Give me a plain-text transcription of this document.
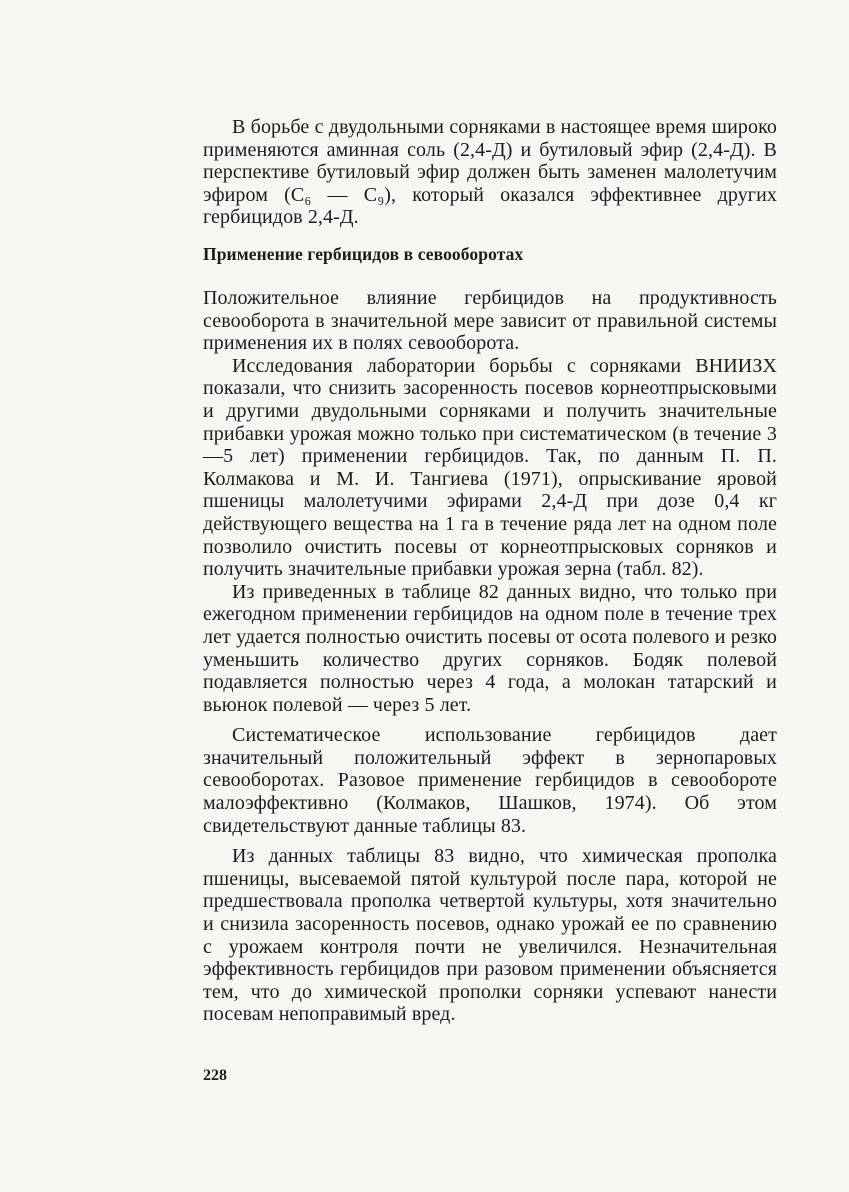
В борьбе с двудольными сорняками в настоящее время широко применяются аминная соль (2,4-Д) и бутиловый эфир (2,4-Д). В перспективе бутиловый эфир должен быть заменен малолетучим эфиром (C₆ — C₉), который оказался эффективнее других гербицидов 2,4-Д.

Применение гербицидов в севооборотах

Положительное влияние гербицидов на продуктивность севооборота в значительной мере зависит от правильной системы применения их в полях севооборота.

Исследования лаборатории борьбы с сорняками ВНИИЗХ показали, что снизить засоренность посевов корнеотпрысковыми и другими двудольными сорняками и получить значительные прибавки урожая можно только при систематическом (в течение 3—5 лет) применении гербицидов. Так, по данным П. П. Колмакова и М. И. Тангиева (1971), опрыскивание яровой пшеницы малолетучими эфирами 2,4-Д при дозе 0,4 кг действующего вещества на 1 га в течение ряда лет на одном поле позволило очистить посевы от корнеотпрысковых сорняков и получить значительные прибавки урожая зерна (табл. 82).

Из приведенных в таблице 82 данных видно, что только при ежегодном применении гербицидов на одном поле в течение трех лет удается полностью очистить посевы от осота полевого и резко уменьшить количество других сорняков. Бодяк полевой подавляется полностью через 4 года, а молокан татарский и вьюнок полевой — через 5 лет.

Систематическое использование гербицидов дает значительный положительный эффект в зернопаровых севооборотах. Разовое применение гербицидов в севообороте малоэффективно (Колмаков, Шашков, 1974). Об этом свидетельствуют данные таблицы 83.

Из данных таблицы 83 видно, что химическая прополка пшеницы, высеваемой пятой культурой после пара, которой не предшествовала прополка четвертой культуры, хотя значительно и снизила засоренность посевов, однако урожай ее по сравнению с урожаем контроля почти не увеличился. Незначительная эффективность гербицидов при разовом применении объясняется тем, что до химической прополки сорняки успевают нанести посевам непоправимый вред.

228
